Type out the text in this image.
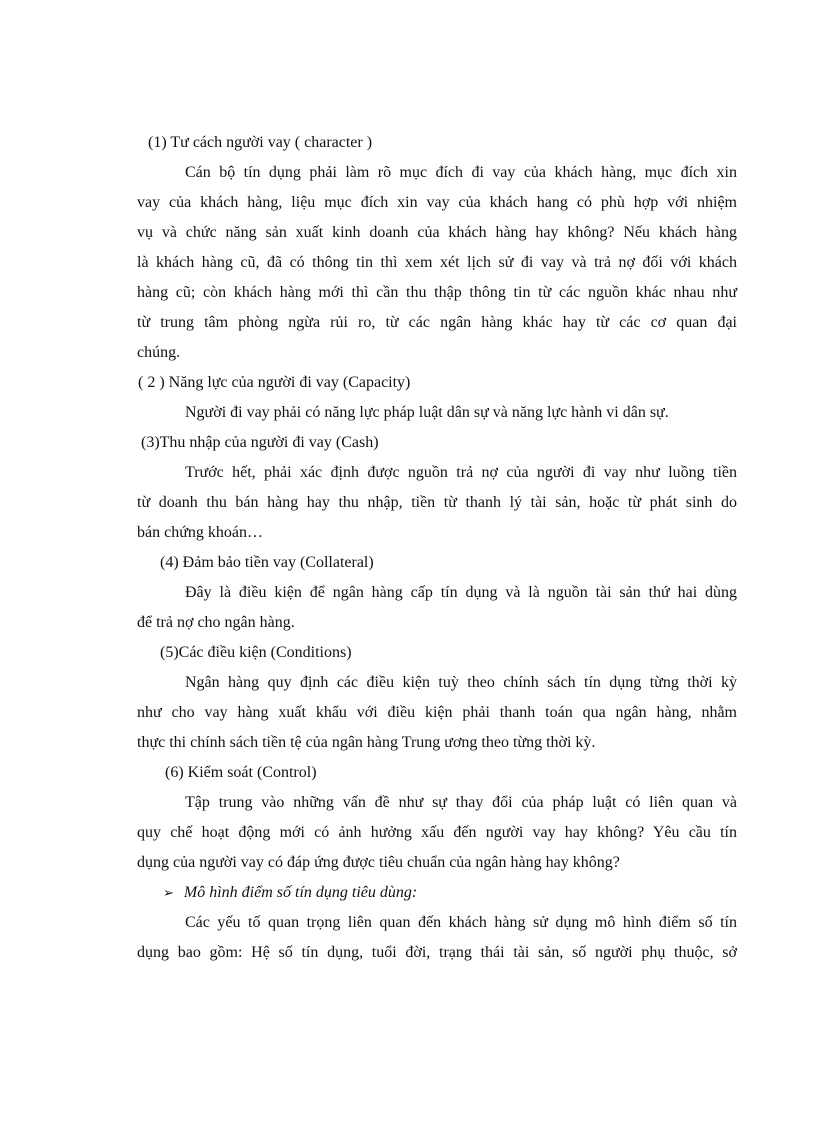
(1) Tư cách người vay ( character )
Cán bộ tín dụng phải làm rõ mục đích đi vay của khách hàng, mục đích xin
vay của khách hàng, liệu mục đích xin vay của khách hang có phù hợp với nhiệm
vụ và chức năng sản xuất kinh doanh của khách hàng hay không? Nếu khách hàng
là khách hàng cũ, đã có thông tin thì xem xét lịch sử đi vay và trả nợ đối với khách
hàng cũ; còn khách hàng mới thì cần thu thập thông tin từ các nguồn khác nhau như
từ trung tâm phòng ngừa rủi ro, từ các ngân hàng khác hay từ các cơ quan đại
chúng.
( 2 ) Năng lực của người đi vay (Capacity)
Người đi vay phải có năng lực pháp luật dân sự và năng lực hành vi dân sự.
(3)Thu nhập của người đi vay (Cash)
Trước hết, phải xác định được nguồn trả nợ của người đi vay như luồng tiền
từ doanh thu bán hàng hay thu nhập, tiền từ thanh lý tài sản, hoặc từ phát sinh do
bán chứng khoán…
(4) Đảm bảo tiền vay (Collateral)
Đây là điều kiện để ngân hàng cấp tín dụng và là nguồn tài sản thứ hai dùng
để trả nợ cho ngân hàng.
(5)Các điều kiện (Conditions)
Ngân hàng quy định các điều kiện tuỳ theo chính sách tín dụng từng thời kỳ
như cho vay hàng xuất khẩu với điều kiện phải thanh toán qua ngân hàng, nhằm
thực thi chính sách tiền tệ của ngân hàng Trung ương theo từng thời kỳ.
(6) Kiểm soát (Control)
Tập trung vào những vấn đề như sự thay đổi của pháp luật có liên quan và
quy chế hoạt động mới có ảnh hưởng xấu đến người vay hay không? Yêu cầu tín
dụng của người vay có đáp ứng được tiêu chuẩn của ngân hàng hay không?
➢ Mô hình điểm số tín dụng tiêu dùng:
Các yếu tố quan trọng liên quan đến khách hàng sử dụng mô hình điểm số tín
dụng bao gồm: Hệ số tín dụng, tuổi đời, trạng thái tài sản, số người phụ thuộc, sở
